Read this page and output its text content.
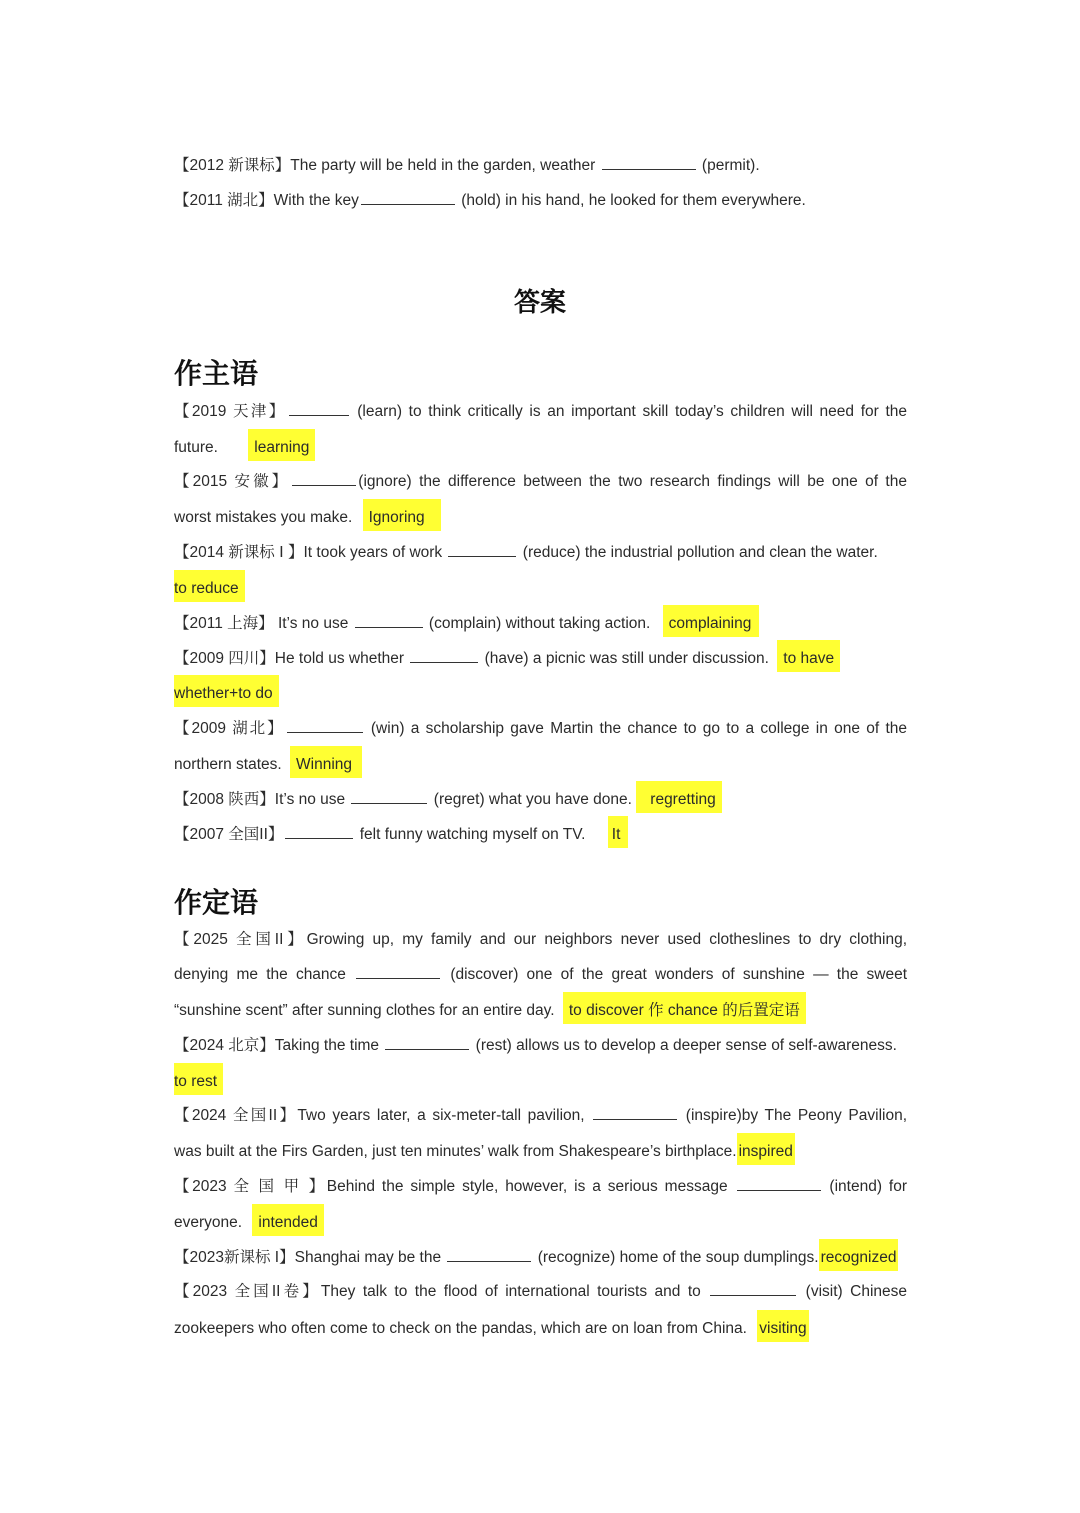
【2012 新课标】The party will be held in the garden, weather	(permit).
【2011 湖北】With the key	(hold) in his hand, he looked for them everywhere.
答案
作主语
【2019 天津】	(learn) to think critically is an important skill today’s children will need for the
future. learning
【2015 安徽】	(ignore) the difference between the two research findings will be one of the
worst mistakes you make. Ignoring
【2014 新课标 Ⅰ 】It took years of work	(reduce) the industrial pollution and clean the water.
to reduce
【2011 上海】 It’s no use	(complain) without taking action. complaining
【2009 四川】He told us whether	(have) a picnic was still under discussion. to have
whether+to do
【2009 湖北】	(win) a scholarship gave Martin the chance to go to a college in one of the
northern states. Winning
【2008 陕西】It’s no use	(regret) what you have done. regretting
【2007 全国II】	felt funny watching myself on TV. It
作定语
【2025 全国II】Growing up, my family and our neighbors never used clotheslines to dry clothing,
denying me the chance	(discover) one of the great wonders of sunshine — the sweet
“sunshine scent” after sunning clothes for an entire day. to discover 作 chance 的后置定语
【2024 北京】Taking the time	(rest) allows us to develop a deeper sense of self-awareness.
to rest
【2024 全国II】Two years later, a six-meter-tall pavilion,	(inspire)by The Peony Pavilion,
was built at the Firs Garden, just ten minutes’ walk from Shakespeare’s birthplace. inspired
【2023 全 国 甲 】Behind the simple style, however, is a serious message	(intend) for
everyone. intended
【2023新课标 I】Shanghai may be the	(recognize) home of the soup dumplings. recognized
【2023 全国II卷】They talk to the flood of international tourists and to	(visit) Chinese
zookeepers who often come to check on the pandas, which are on loan from China. visiting
